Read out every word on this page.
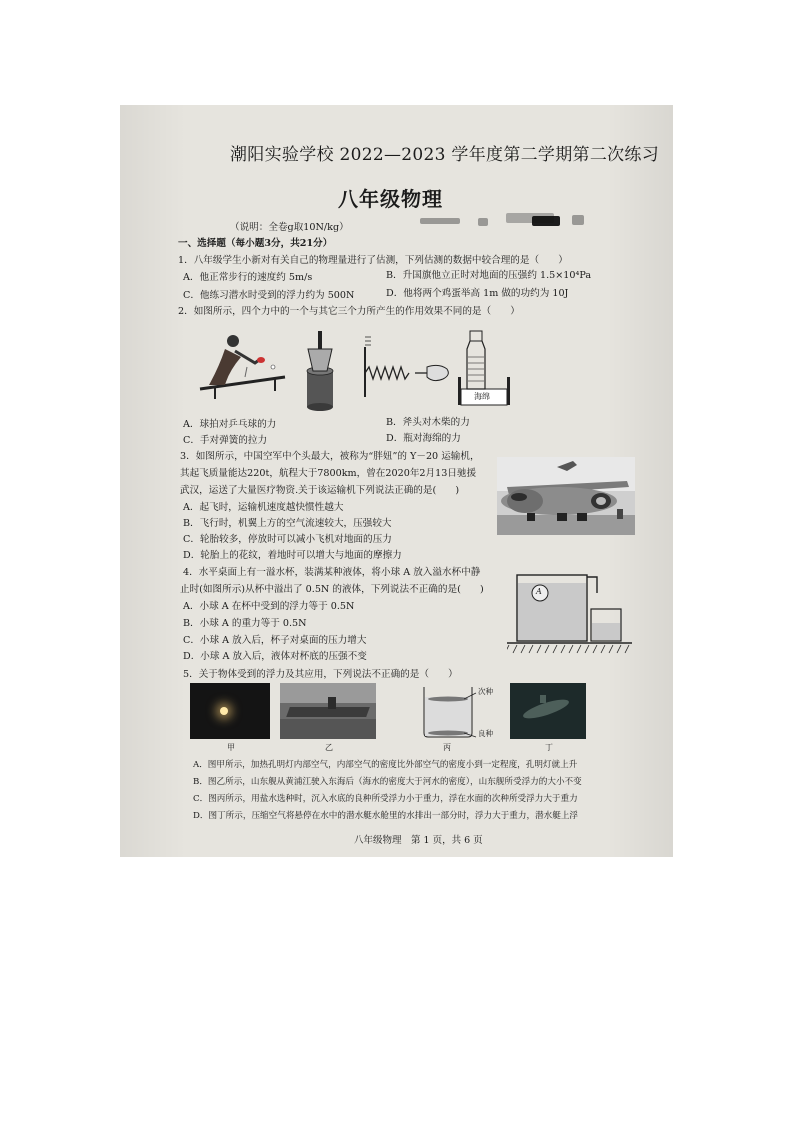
潮阳实验学校 2022—2023 学年度第二学期第二次练习
八年级物理
（说明：全卷g取10N/kg）
一、选择题（每小题3分，共21分）
1．八年级学生小新对有关自己的物理量进行了估测，下列估测的数据中较合理的是（　　）
A．他正常步行的速度约 5m/s	B．升国旗他立正时对地面的压强约 1.5×10⁴Pa
C．他练习潜水时受到的浮力约为 500N	D．他将两个鸡蛋举高 1m 做的功约为 10J
2．如图所示，四个力中的一个与其它三个力所产生的作用效果不同的是（　　）
海绵
A．球拍对乒乓球的力	B．斧头对木柴的力
C．手对弹簧的拉力	D．瓶对海绵的力
3．如图所示，中国空军中个头最大，被称为“胖妞”的 Y－20 运输机，
其起飞质量能达220t，航程大于7800km，曾在2020年2月13日驰援
武汉，运送了大量医疗物资.关于该运输机下列说法正确的是(　　)
A．起飞时，运输机速度越快惯性越大
B．飞行时，机翼上方的空气流速较大，压强较大
C．轮胎较多，停放时可以减小飞机对地面的压力
D．轮胎上的花纹，着地时可以增大与地面的摩擦力
4．水平桌面上有一溢水杯，装满某种液体，将小球 A 放入溢水杯中静
止时(如图所示)从杯中溢出了 0.5N 的液体，下列说法不正确的是(　　)
A．小球 A 在杯中受到的浮力等于 0.5N
B．小球 A 的重力等于 0.5N
C．小球 A 放入后，杯子对桌面的压力增大
D．小球 A 放入后，液体对杯底的压强不变
A
5．关于物体受到的浮力及其应用，下列说法不正确的是（　　）
次种
良种
甲	乙	丙	丁
A．图甲所示，加热孔明灯内部空气，内部空气的密度比外部空气的密度小到一定程度，孔明灯就上升
B．图乙所示，山东舰从黄浦江驶入东海后（海水的密度大于河水的密度），山东舰所受浮力的大小不变
C．图丙所示，用盐水选种时，沉入水底的良种所受浮力小于重力，浮在水面的次种所受浮力大于重力
D．图丁所示，压缩空气将悬停在水中的潜水艇水舱里的水排出一部分时，浮力大于重力，潜水艇上浮
八年级物理　第 1 页，共 6 页
